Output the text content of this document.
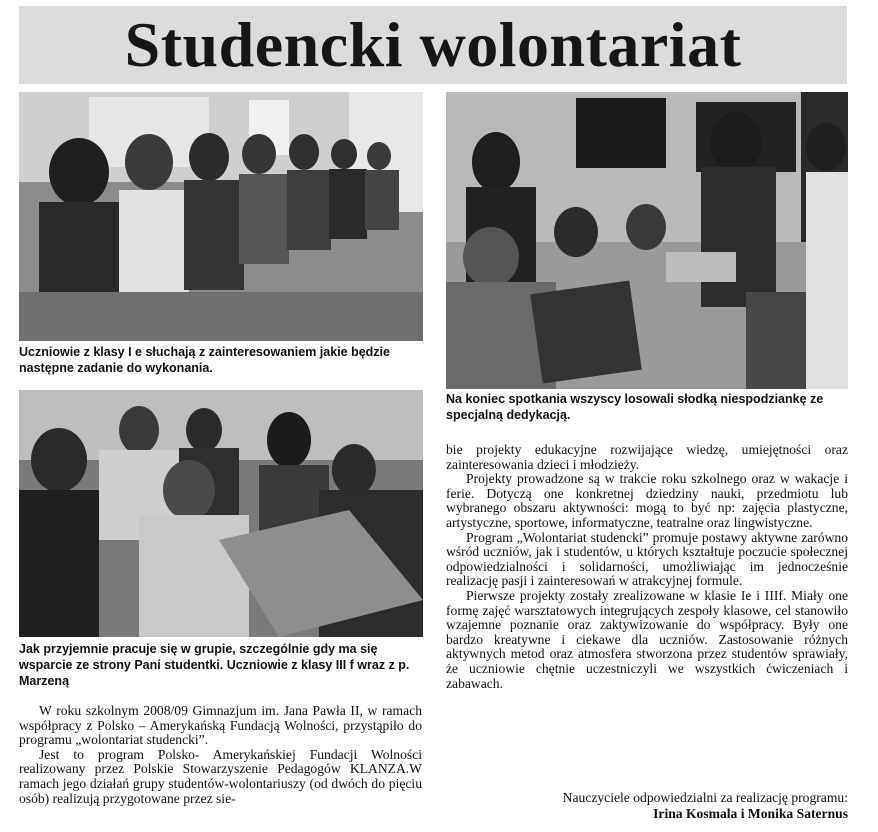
Studencki wolontariat

Uczniowie z klasy I e słuchają z zainteresowaniem jakie będzie następne zadanie do wykonania.

Na koniec spotkania wszyscy losowali słodką niespodziankę ze specjalną dedykacją.

Jak przyjemnie pracuje się w grupie, szczególnie gdy ma się wsparcie ze strony Pani studentki. Uczniowie z klasy III f wraz z p. Marzeną

W roku szkolnym 2008/09 Gimnazjum im. Jana Pawła II, w ramach współpracy z Polsko – Amerykańską Fundacją Wolności, przystąpiło do programu „wolontariat studencki”.

Jest to program Polsko- Amerykańskiej Fundacji Wolności realizowany przez Polskie Stowarzyszenie Pedagogów KLANZA.W ramach jego działań grupy studentów-wolontariuszy (od dwóch do pięciu osób) realizują przygotowane przez sie-

bie projekty edukacyjne rozwijające wiedzę, umiejętności oraz zainteresowania dzieci i młodzieży.

Projekty prowadzone są w trakcie roku szkolnego oraz w wakacje i ferie. Dotyczą one konkretnej dziedziny nauki, przedmiotu lub wybranego obszaru aktywności: mogą to być np: zajęcia plastyczne, artystyczne, sportowe, informatyczne, teatralne oraz lingwistyczne.

Program „Wolontariat studencki” promuje postawy aktywne zarówno wśród uczniów, jak i studentów, u których kształtuje poczucie społecznej odpowiedzialności i solidarności, umożliwiając im jednocześnie realizację pasji i zainteresowań w atrakcyjnej formule.

Pierwsze projekty zostały zrealizowane w klasie Ie i IIIf. Miały one formę zajęć warsztatowych integrujących zespoły klasowe, cel stanowiło wzajemne poznanie oraz zaktywizowanie do współpracy. Były one bardzo kreatywne i ciekawe dla uczniów. Zastosowanie różnych aktywnych metod oraz atmosfera stworzona przez studentów sprawiały, że uczniowie chętnie uczestniczyli we wszystkich ćwiczeniach i zabawach.

Nauczyciele odpowiedzialni za realizację programu:
Irina Kosmala i Monika Saternus
